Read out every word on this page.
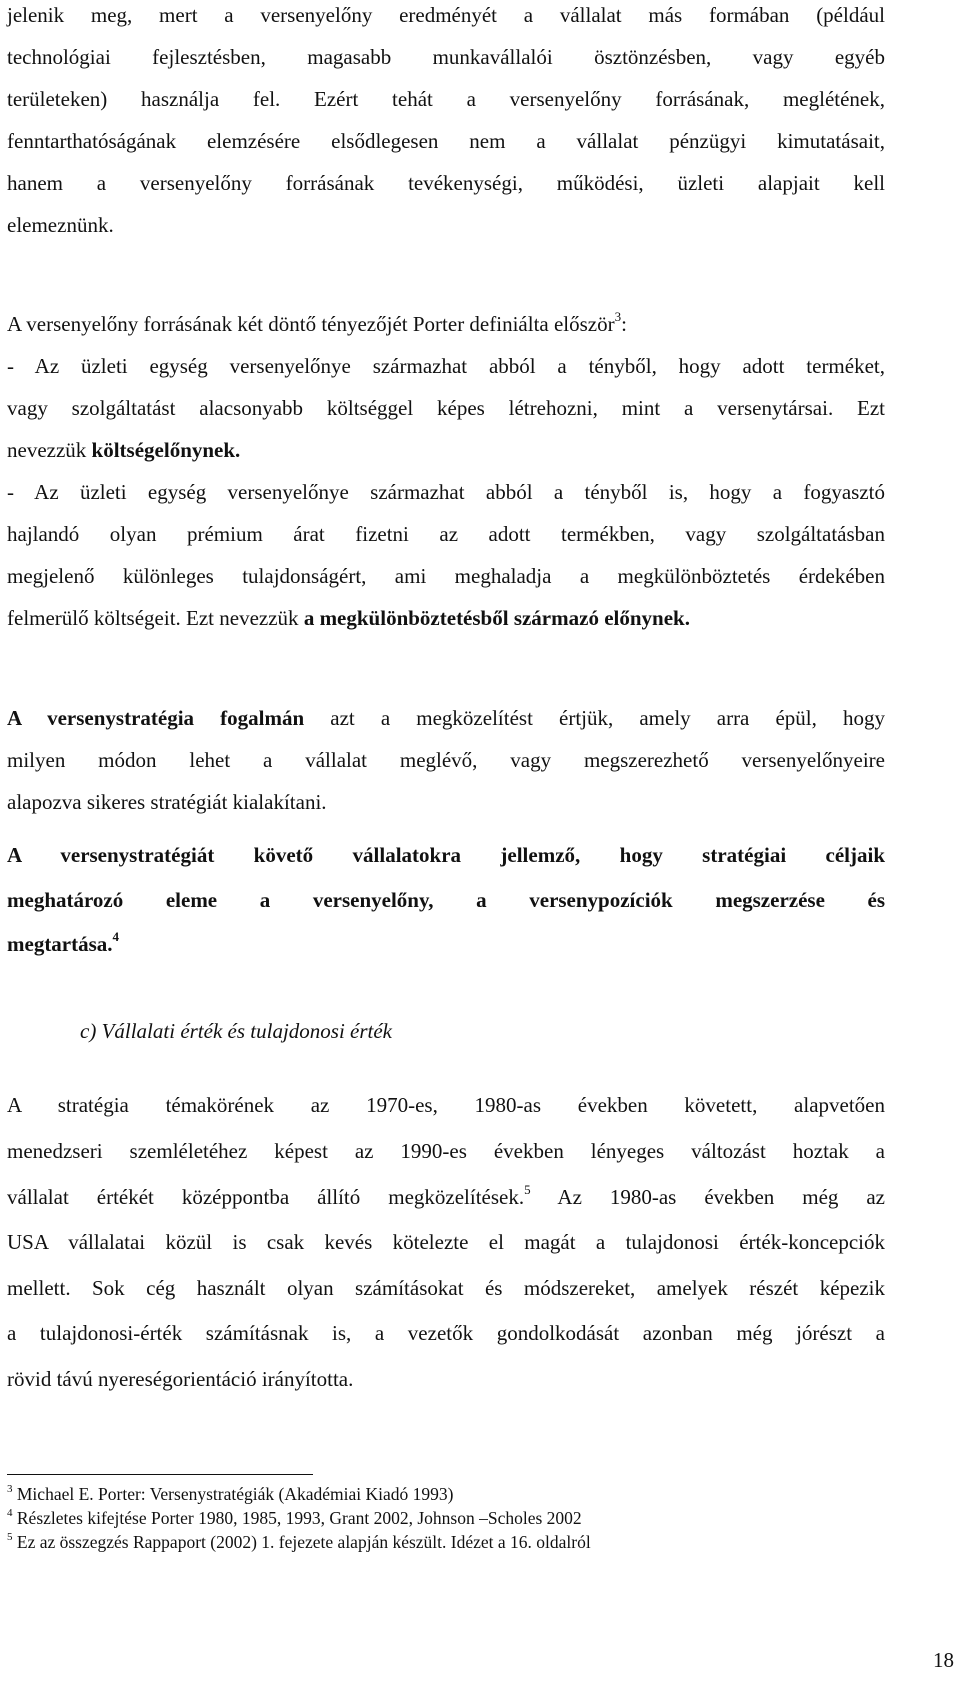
jelenik meg, mert a versenyelőny eredményét a vállalat más formában (például
technológiai fejlesztésben, magasabb munkavállalói ösztönzésben, vagy egyéb
területeken) használja fel. Ezért tehát a versenyelőny forrásának, meglétének,
fenntarthatóságának elemzésére elsődlegesen nem a vállalat pénzügyi kimutatásait,
hanem a versenyelőny forrásának tevékenységi, működési, üzleti alapjait kell
elemeznünk.
A versenyelőny forrásának két döntő tényezőjét Porter definiálta először$^3$:
- Az üzleti egység versenyelőnye származhat abból a tényből, hogy adott terméket,
vagy szolgáltatást alacsonyabb költséggel képes létrehozni, mint a versenytársai. Ezt
nevezzük költségelőnynek.
- Az üzleti egység versenyelőnye származhat abból a tényből is, hogy a fogyasztó
hajlandó olyan prémium árat fizetni az adott termékben, vagy szolgáltatásban
megjelenő különleges tulajdonságért, ami meghaladja a megkülönböztetés érdekében
felmerülő költségeit. Ezt nevezzük a megkülönböztetésből származó előnynek.
A versenystratégia fogalmán azt a megközelítést értjük, amely arra épül, hogy
milyen módon lehet a vállalat meglévő, vagy megszerezhető versenyelőnyeire
alapozva sikeres stratégiát kialakítani.
A versenystratégiát követő vállalatokra jellemző, hogy stratégiai céljaik
meghatározó eleme a versenyelőny, a versenypozíciók megszerzése és
megtartása.$^4$
c) Vállalati érték és tulajdonosi érték
A stratégia témakörének az 1970-es, 1980-as években követett, alapvetően
menedzseri szemléletéhez képest az 1990-es években lényeges változást hoztak a
vállalat értékét középpontba állító megközelítések.$^5$ Az 1980-as években még az
USA vállalatai közül is csak kevés kötelezte el magát a tulajdonosi érték-koncepciók
mellett. Sok cég használt olyan számításokat és módszereket, amelyek részét képezik
a tulajdonosi-érték számításnak is, a vezetők gondolkodását azonban még jórészt a
rövid távú nyereségorientáció irányította.
$^3$ Michael E. Porter: Versenystratégiák (Akadémiai Kiadó 1993)
$^4$ Részletes kifejtése Porter 1980, 1985, 1993, Grant 2002, Johnson –Scholes 2002
$^5$ Ez az összegzés Rappaport (2002) 1. fejezete alapján készült. Idézet a 16. oldalról
18
